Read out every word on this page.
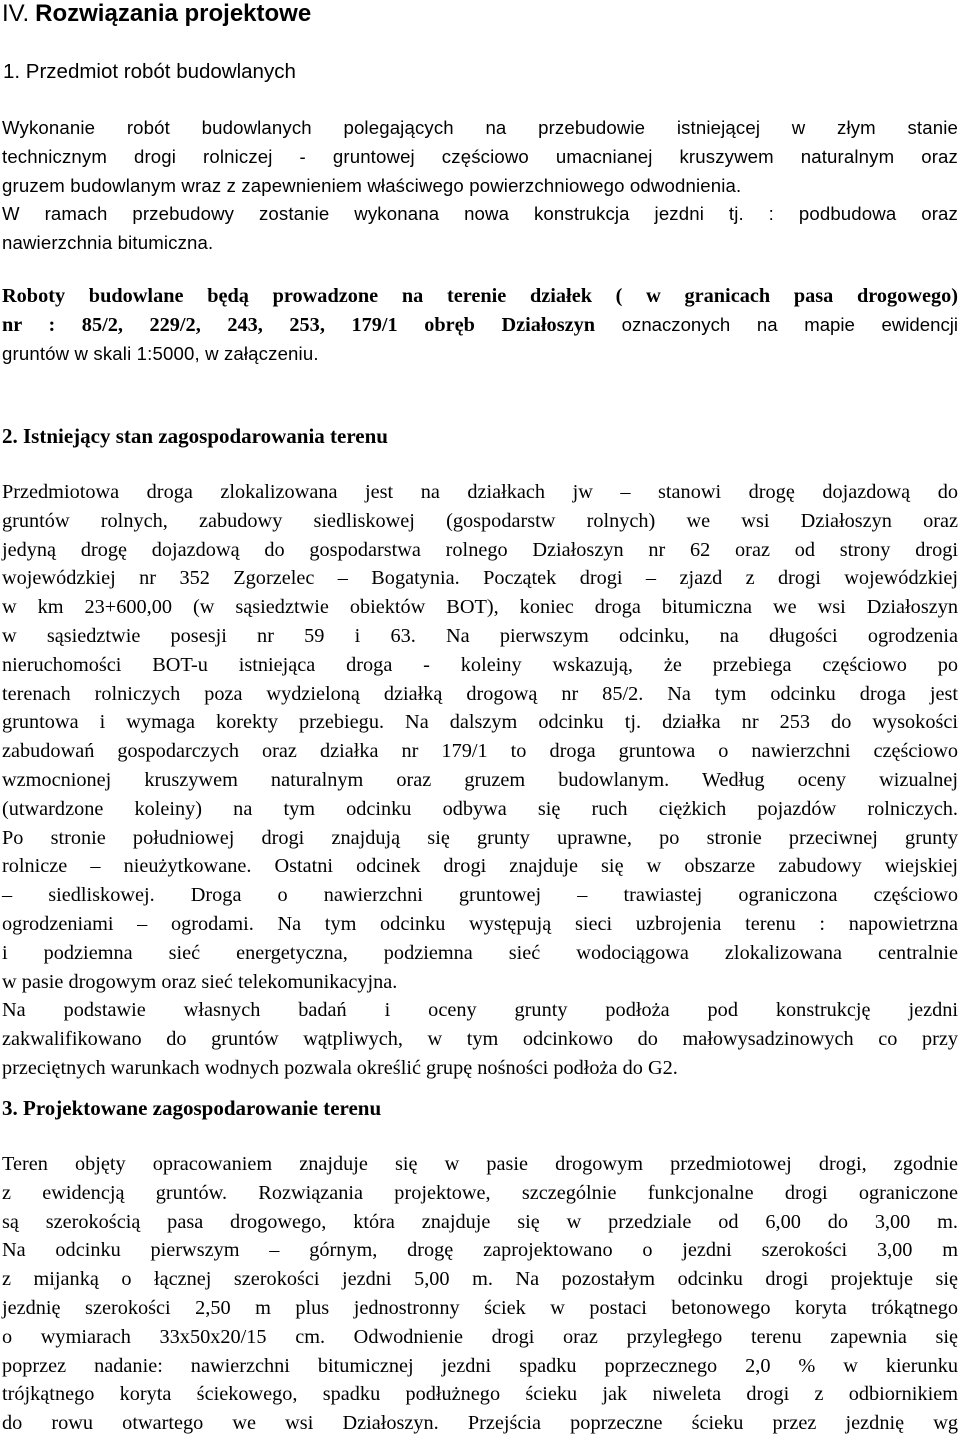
IV. Rozwiązania projektowe
1. Przedmiot robót budowlanych
Wykonanie robót budowlanych polegających na przebudowie istniejącej w złym stanie
technicznym drogi rolniczej - gruntowej częściowo umacnianej kruszywem naturalnym oraz
gruzem budowlanym wraz z zapewnieniem właściwego powierzchniowego odwodnienia.
W ramach przebudowy zostanie wykonana nowa konstrukcja jezdni tj. : podbudowa oraz
nawierzchnia bitumiczna.
Roboty budowlane będą prowadzone na terenie działek ( w granicach pasa drogowego)
nr : 85/2, 229/2, 243, 253, 179/1 obręb Działoszyn oznaczonych na mapie ewidencji
gruntów w skali 1:5000, w załączeniu.
2. Istniejący stan zagospodarowania terenu
Przedmiotowa droga zlokalizowana jest na działkach jw – stanowi drogę dojazdową do
gruntów rolnych, zabudowy siedliskowej (gospodarstw rolnych) we wsi Działoszyn oraz
jedyną drogę dojazdową do gospodarstwa rolnego Działoszyn nr 62 oraz od strony drogi
wojewódzkiej nr 352 Zgorzelec – Bogatynia. Początek drogi – zjazd z drogi wojewódzkiej
w km 23+600,00 (w sąsiedztwie obiektów BOT), koniec droga bitumiczna we wsi Działoszyn
w sąsiedztwie posesji nr 59 i 63. Na pierwszym odcinku, na długości ogrodzenia
nieruchomości BOT-u istniejąca droga - koleiny wskazują, że przebiega częściowo po
terenach rolniczych poza wydzieloną działką drogową nr 85/2. Na tym odcinku droga jest
gruntowa i wymaga korekty przebiegu. Na dalszym odcinku tj. działka nr 253 do wysokości
zabudowań gospodarczych oraz działka nr 179/1 to droga gruntowa o nawierzchni częściowo
wzmocnionej kruszywem naturalnym oraz gruzem budowlanym. Według oceny wizualnej
(utwardzone koleiny) na tym odcinku odbywa się ruch ciężkich pojazdów rolniczych.
Po stronie południowej drogi znajdują się grunty uprawne, po stronie przeciwnej grunty
rolnicze – nieużytkowane. Ostatni odcinek drogi znajduje się w obszarze zabudowy wiejskiej
– siedliskowej. Droga o nawierzchni gruntowej – trawiastej ograniczona częściowo
ogrodzeniami – ogrodami. Na tym odcinku występują sieci uzbrojenia terenu : napowietrzna
i podziemna sieć energetyczna, podziemna sieć wodociągowa zlokalizowana centralnie
w pasie drogowym oraz sieć telekomunikacyjna.
Na podstawie własnych badań i oceny grunty podłoża pod konstrukcję jezdni
zakwalifikowano do gruntów wątpliwych, w tym odcinkowo do małowysadzinowych co przy
przeciętnych warunkach wodnych pozwala określić grupę nośności podłoża do G2.
3. Projektowane zagospodarowanie terenu
Teren objęty opracowaniem znajduje się w pasie drogowym przedmiotowej drogi, zgodnie
z ewidencją gruntów. Rozwiązania projektowe, szczególnie funkcjonalne drogi ograniczone
są szerokością pasa drogowego, która znajduje się w przedziale od 6,00 do 3,00 m.
Na odcinku pierwszym – górnym, drogę zaprojektowano o jezdni szerokości 3,00 m
z mijanką o łącznej szerokości jezdni 5,00 m. Na pozostałym odcinku drogi projektuje się
jezdnię szerokości 2,50 m plus jednostronny ściek w postaci betonowego koryta trókątnego
o wymiarach 33x50x20/15 cm. Odwodnienie drogi oraz przyległego terenu zapewnia się
poprzez nadanie: nawierzchni bitumicznej jezdni spadku poprzecznego 2,0 % w kierunku
trójkątnego koryta ściekowego, spadku podłużnego ścieku jak niweleta drogi z odbiornikiem
do rowu otwartego we wsi Działoszyn. Przejścia poprzeczne ścieku przez jezdnię wg
